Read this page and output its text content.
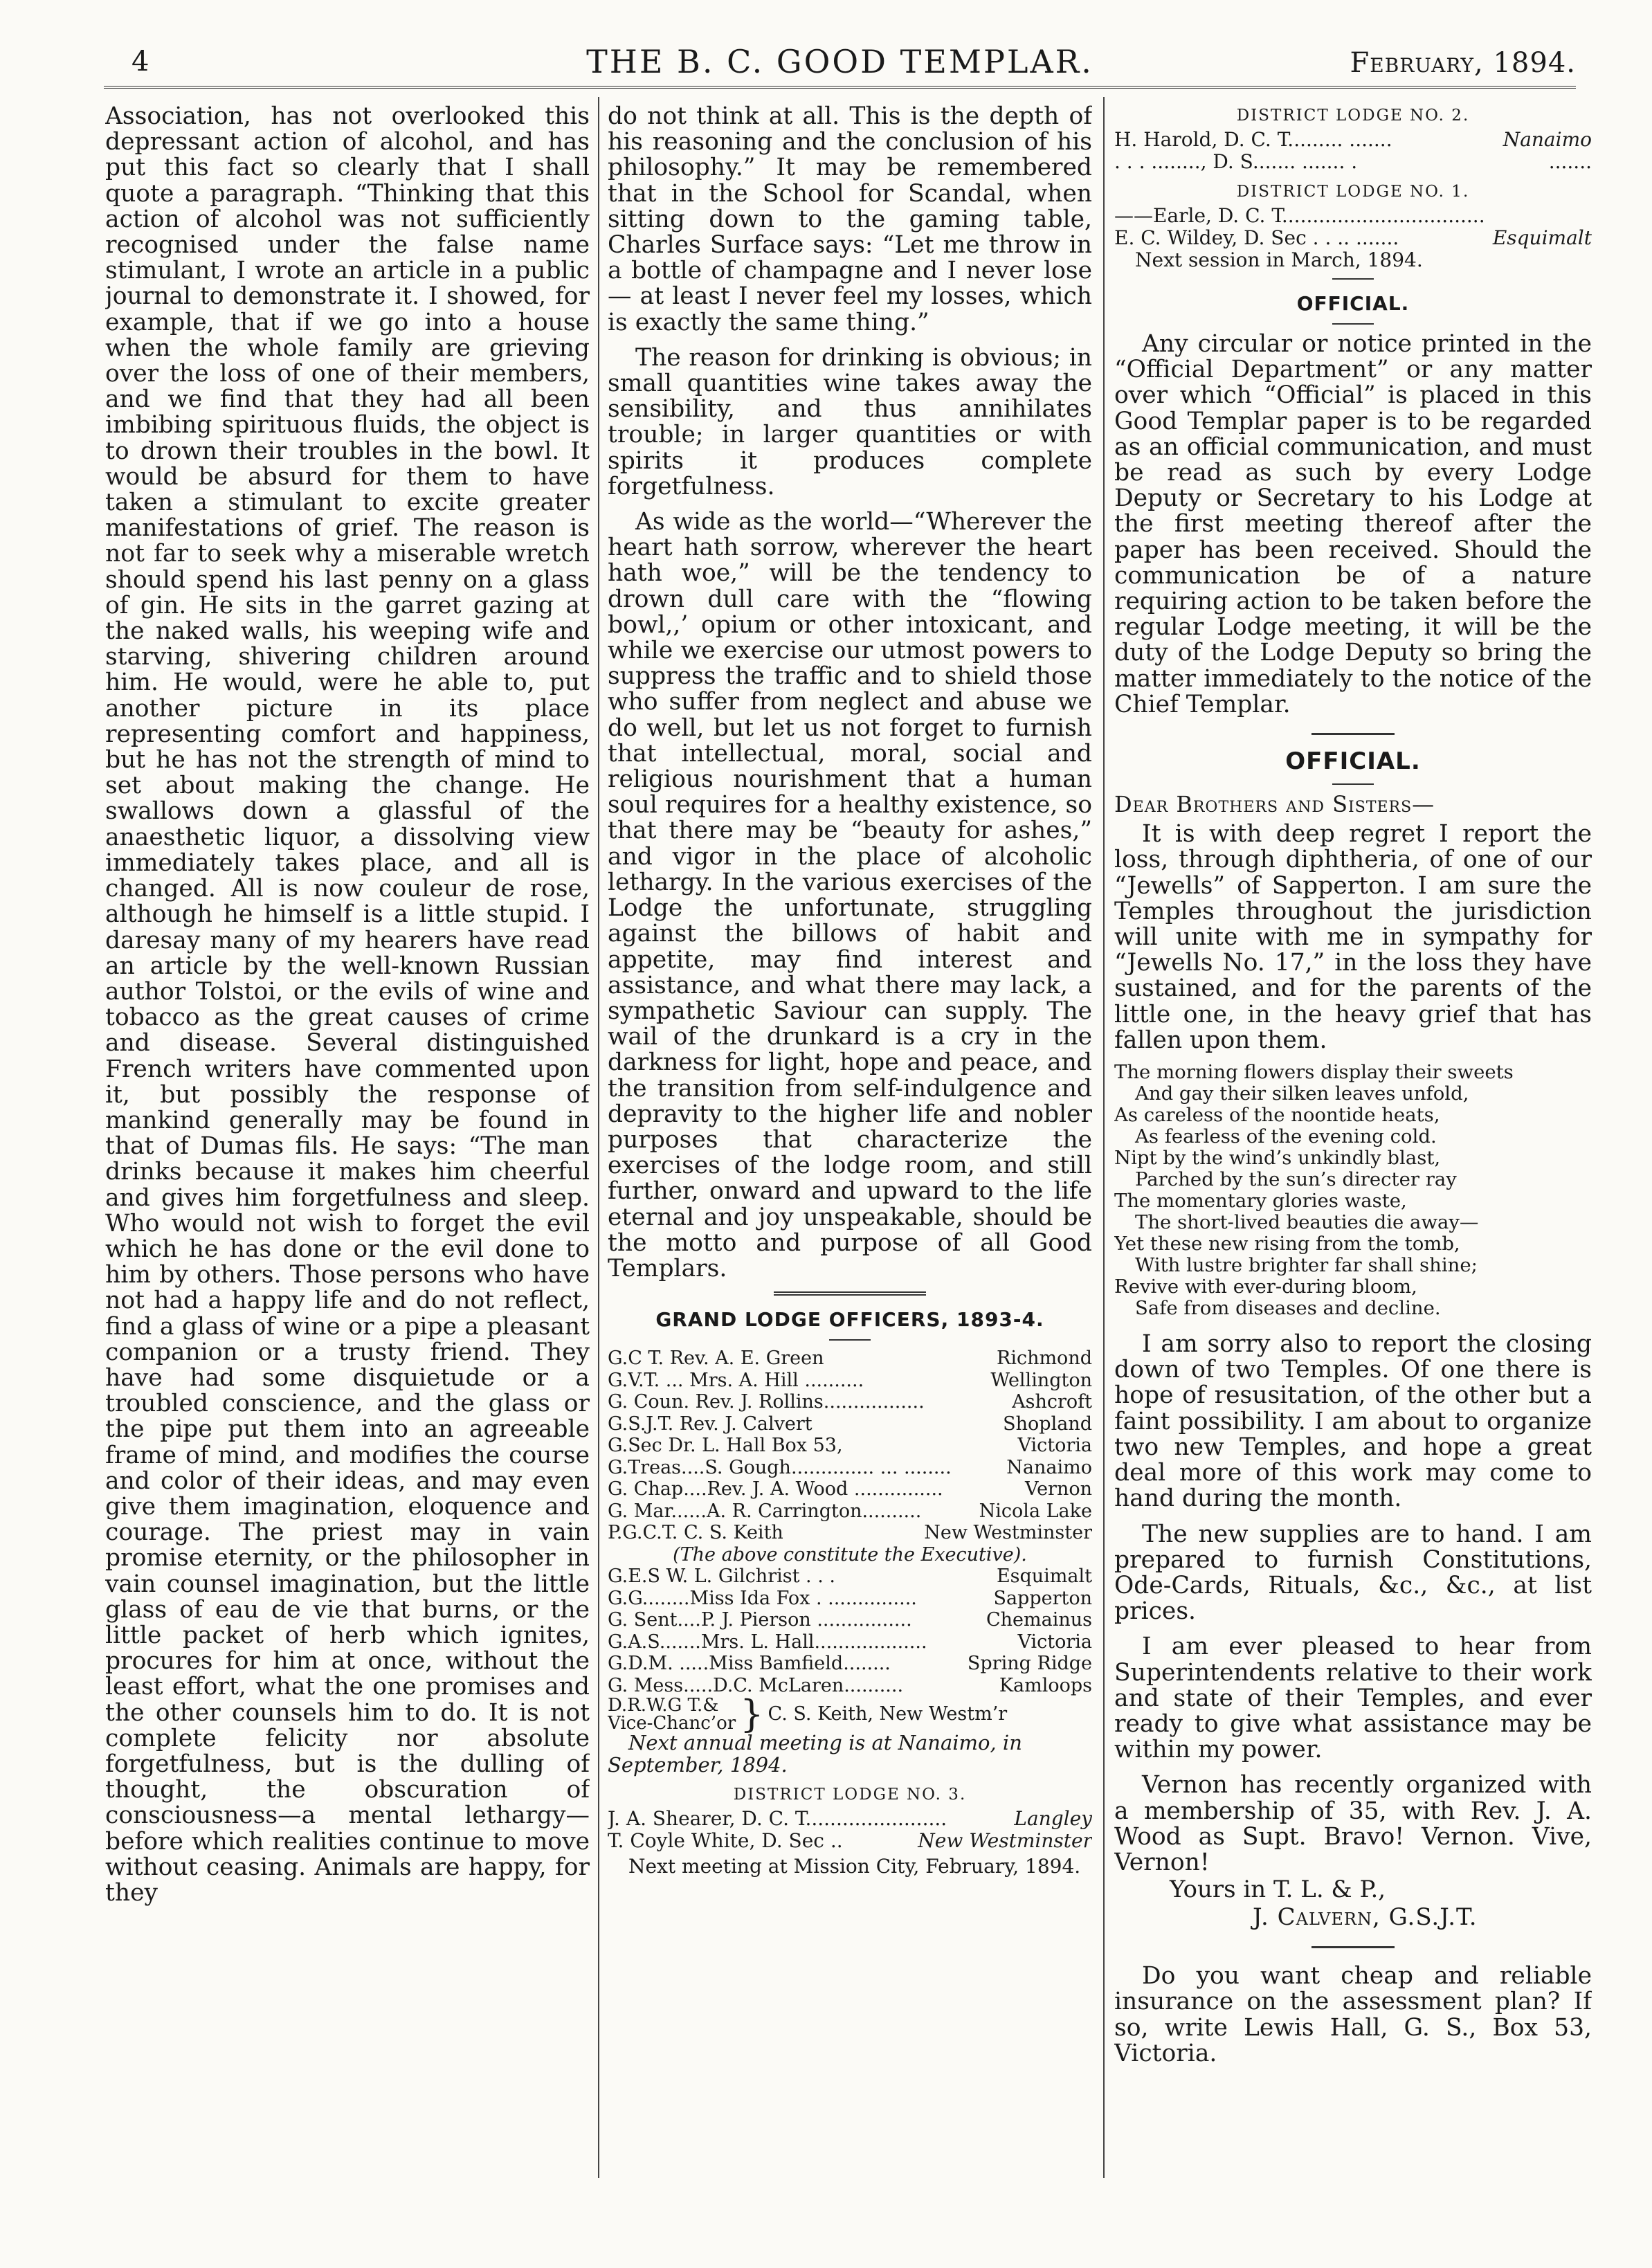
4	THE B. C. GOOD TEMPLAR.	February, 1894.

Association, has not overlooked this depressant action of alcohol, and has put this fact so clearly that I shall quote a paragraph. “Thinking that this action of alcohol was not sufficiently recognised under the false name stimulant, I wrote an article in a public journal to demonstrate it. I showed, for example, that if we go into a house when the whole family are grieving over the loss of one of their members, and we find that they had all been imbibing spirituous fluids, the object is to drown their troubles in the bowl. It would be absurd for them to have taken a stimulant to excite greater manifestations of grief. The reason is not far to seek why a miserable wretch should spend his last penny on a glass of gin. He sits in the garret gazing at the naked walls, his weeping wife and starving, shivering children around him. He would, were he able to, put another picture in its place representing comfort and happiness, but he has not the strength of mind to set about making the change. He swallows down a glassful of the anaesthetic liquor, a dissolving view immediately takes place, and all is changed. All is now couleur de rose, although he himself is a little stupid. I daresay many of my hearers have read an article by the well-known Russian author Tolstoi, or the evils of wine and tobacco as the great causes of crime and disease. Several distinguished French writers have commented upon it, but possibly the response of mankind generally may be found in that of Dumas fils. He says: “The man drinks because it makes him cheerful and gives him forgetfulness and sleep. Who would not wish to forget the evil which he has done or the evil done to him by others. Those persons who have not had a happy life and do not reflect, find a glass of wine or a pipe a pleasant companion or a trusty friend. They have had some disquietude or a troubled conscience, and the glass or the pipe put them into an agreeable frame of mind, and modifies the course and color of their ideas, and may even give them imagination, eloquence and courage. The priest may in vain promise eternity, or the philosopher in vain counsel imagination, but the little glass of eau de vie that burns, or the little packet of herb which ignites, procures for him at once, without the least effort, what the one promises and the other counsels him to do. It is not complete felicity nor absolute forgetfulness, but is the dulling of thought, the obscuration of consciousness—a mental lethargy—before which realities continue to move without ceasing. Animals are happy, for they

do not think at all. This is the depth of his reasoning and the conclusion of his philosophy.” It may be remembered that in the School for Scandal, when sitting down to the gaming table, Charles Surface says: “Let me throw in a bottle of champagne and I never lose— at least I never feel my losses, which is exactly the same thing.”

The reason for drinking is obvious; in small quantities wine takes away the sensibility, and thus annihilates trouble; in larger quantities or with spirits it produces complete forgetfulness.

As wide as the world—“Wherever the heart hath sorrow, wherever the heart hath woe,” will be the tendency to drown dull care with the “flowing bowl,,’ opium or other intoxicant, and while we exercise our utmost powers to suppress the traffic and to shield those who suffer from neglect and abuse we do well, but let us not forget to furnish that intellectual, moral, social and religious nourishment that a human soul requires for a healthy existence, so that there may be “beauty for ashes,” and vigor in the place of alcoholic lethargy. In the various exercises of the Lodge the unfortunate, struggling against the billows of habit and appetite, may find interest and assistance, and what there may lack, a sympathetic Saviour can supply. The wail of the drunkard is a cry in the darkness for light, hope and peace, and the transition from self-indulgence and depravity to the higher life and nobler purposes that characterize the exercises of the lodge room, and still further, onward and upward to the life eternal and joy unspeakable, should be the motto and purpose of all Good Templars.

GRAND LODGE OFFICERS, 1893-4.
G.C T. Rev. A. E. Green	Richmond
G.V.T. ... Mrs. A. Hill ..........	Wellington
G. Coun. Rev. J. Rollins.................	Ashcroft
G.S.J.T. Rev. J. Calvert	Shopland
G.Sec Dr. L. Hall Box 53,	Victoria
G.Treas....S. Gough.............. ... ........	Nanaimo
G. Chap....Rev. J. A. Wood ...............	Vernon
G. Mar......A. R. Carrington..........	Nicola Lake
P.G.C.T. C. S. Keith	New Westminster
(The above constitute the Executive).
G.E.S W. L. Gilchrist . . .	Esquimalt
G.G........Miss Ida Fox . ...............	Sapperton
G. Sent....P. J. Pierson ................	Chemainus
G.A.S.......Mrs. L. Hall...................	Victoria
G.D.M. .....Miss Bamfield........	Spring Ridge
G. Mess.....D.C. McLaren..........	Kamloops
D.R.W.G T.&
Vice-Chanc’or } C. S. Keith, New Westm’r
Next annual meeting is at Nanaimo, in September, 1894.
DISTRICT LODGE NO. 3.
J. A. Shearer, D. C. T.......................	Langley
T. Coyle White, D. Sec ..	New Westminster
Next meeting at Mission City, February, 1894.
DISTRICT LODGE NO. 2.
H. Harold, D. C. T......... .......	Nanaimo
. . . ........, D. S....... ....... .	.......
DISTRICT LODGE NO. 1.
——Earle, D. C. T.................................
E. C. Wildey, D. Sec . . .. .......	Esquimalt
Next session in March, 1894.
OFFICIAL.

Any circular or notice printed in the “Official Department” or any matter over which “Official” is placed in this Good Templar paper is to be regarded as an official communication, and must be read as such by every Lodge Deputy or Secretary to his Lodge at the first meeting thereof after the paper has been received. Should the communication be of a nature requiring action to be taken before the regular Lodge meeting, it will be the duty of the Lodge Deputy so bring the matter immediately to the notice of the Chief Templar.

OFFICIAL.

Dear Brothers and Sisters—

It is with deep regret I report the loss, through diphtheria, of one of our “Jewells” of Sapperton. I am sure the Temples throughout the jurisdiction will unite with me in sympathy for “Jewells No. 17,” in the loss they have sustained, and for the parents of the little one, in the heavy grief that has fallen upon them.

The morning flowers display their sweets
And gay their silken leaves unfold,
As careless of the noontide heats,
As fearless of the evening cold.
Nipt by the wind’s unkindly blast,
Parched by the sun’s directer ray
The momentary glories waste,
The short-lived beauties die away—
Yet these new rising from the tomb,
With lustre brighter far shall shine;
Revive with ever-during bloom,
Safe from diseases and decline.

I am sorry also to report the closing down of two Temples. Of one there is hope of resusitation, of the other but a faint possibility. I am about to organize two new Temples, and hope a great deal more of this work may come to hand during the month.

The new supplies are to hand. I am prepared to furnish Constitutions, Ode-Cards, Rituals, &c., &c., at list prices.

I am ever pleased to hear from Superintendents relative to their work and state of their Temples, and ever ready to give what assistance may be within my power.

Vernon has recently organized with a membership of 35, with Rev. J. A. Wood as Supt. Bravo! Vernon. Vive, Vernon!

Yours in T. L. & P.,
J. Calvern, G.S.J.T.

Do you want cheap and reliable insurance on the assessment plan? If so, write Lewis Hall, G. S., Box 53, Victoria.
